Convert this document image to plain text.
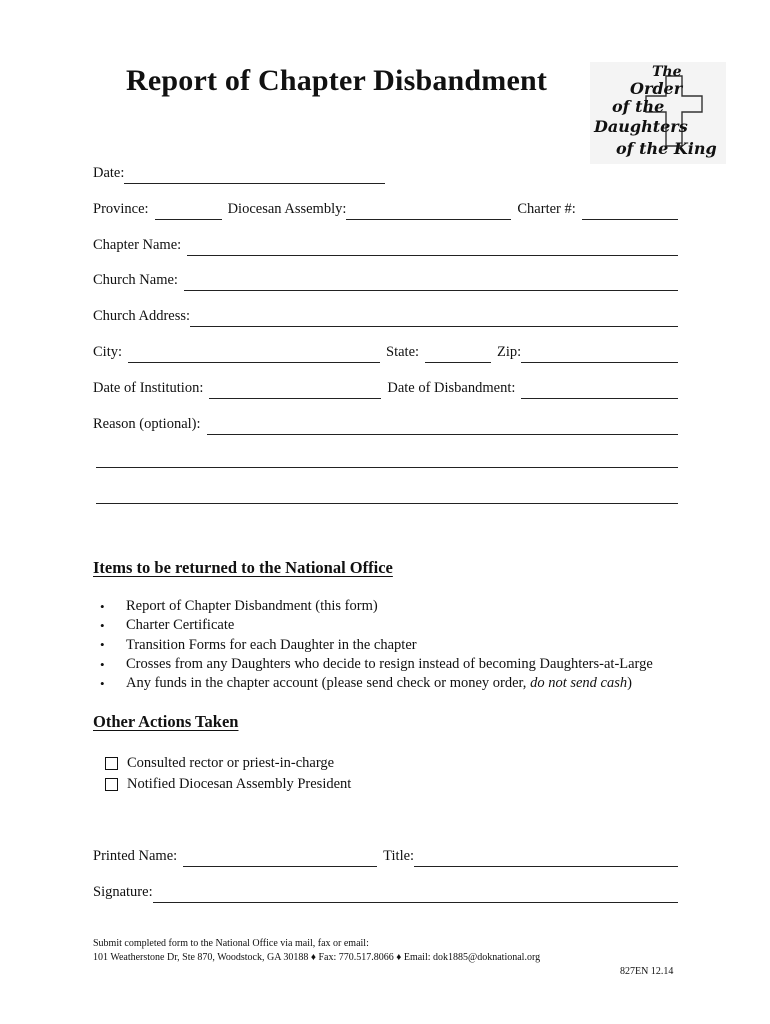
Report of Chapter Disbandment	The
Order
of the
Daughters
of the King
Date:
Province:	Diocesan Assembly:	Charter #:
Chapter Name:
Church Name:
Church Address:
City:	State:	Zip:
Date of Institution:	Date of Disbandment:
Reason (optional):
Items to be returned to the National Office
•	Report of Chapter Disbandment (this form)
•	Charter Certificate
•	Transition Forms for each Daughter in the chapter
•	Crosses from any Daughters who decide to resign instead of becoming Daughters-at-Large
•	Any funds in the chapter account (please send check or money order, do not send cash)
Other Actions Taken
Consulted rector or priest-in-charge
Notified Diocesan Assembly President
Printed Name:	Title:
Signature:
Submit completed form to the National Office via mail, fax or email:
101 Weatherstone Dr, Ste 870, Woodstock, GA 30188 ♦ Fax: 770.517.8066 ♦ Email: dok1885@doknational.org
827EN 12.14
